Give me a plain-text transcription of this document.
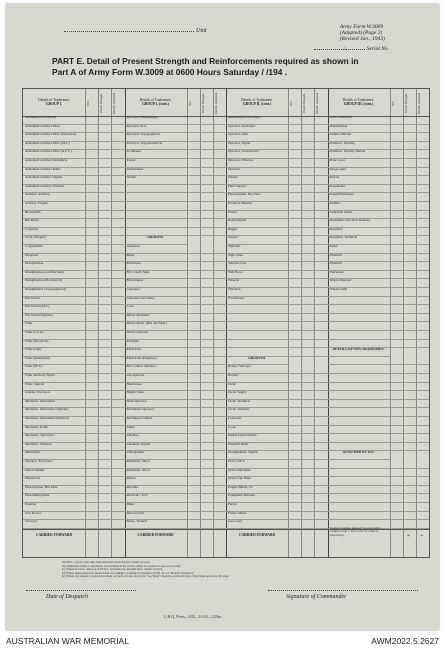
Unit
Army Form W.3009
(Adapted) (Page 2)
(Revised Jan., 1943)
/	Serial No.
PART E. Detail of Present Strength and Reinforcements required as shown in
Part A of Army Form W.3009 at 0600 Hours Saturday / /194 .
Details of Tradesmen.
GROUP I.	W.E.	Posted Strength.	Reinfts. Required.
Ammunition Examiner
Armament Artificer Fitter
Armament Artificer Fitter (Electrical)
Armament Artificer Fitter (M.T.)
Armament Artificer Fitter (A.F.V.)
Armament Artificer Instrument
Armament Artificer Radio
Armament Artificer Signals
Armament Artificer Wireless
Artificer, Artillery
Artificer, Engine
Blacksmith
Bricklayer
Carpenter
Clerk, Hospital
Coppersmith
Dispenser
Draughtsman
Draughtsman (Architectural)
Draughtsman (Mechanical)
Draughtsman (Topographical)
Electrician
Electrician (M.T.)
Electrician (Signals)
Fitter
Fitter (Cycle)
Fitter (Electrical)
Fitter (Gun)
Fitter (Instrument)
Fitter (M.T.)
Fitter, Railway Signal
Fitter, Signals
Grinder, Precision
Mechanic, Instrument
Mechanic, Instrument (Signals)
Mechanic, Instrument (Surgical)
Mechanic, Radio
Mechanic, Typewriter
Mechanic, Wireless
Millwright
Operator, Excavator
Pattern Maker
Pharmacist
Photographer, Hut Plate
Photolithographer
Plumber
Saw Doctor
Surveyor
CARRIED FORWARD
Details of Tradesmen.
GROUP I. (cont.)	W.E.	Posted Strength.	Reinfts. Required.
Surveyor, Engineering
Surveyor, R.A.
Surveyor, Topographical
Surveyor, Trigonometrical
Toolmaker
Turner
Watchmaker
Welder
GROUP II.
Armourer
Baker
Bricklayer
Blr. Cond'r, Med.
Boilermaker
Carpenter
Carpenter and Joiner
Cook
Driver Mechanic
Driver-Mech. (Bus and Med.)
Driver-Operator
Draughts
Electrician
Electrician (Engineer)
Fire Control Operator
Gas Operator
Hairdresser
Height Taker
Hotel Operator
Instrument Operator
Intelligence Duties
Joiner
Lineman
Lineman, Signals
Lithographer
Machinist, Metal
Machinist, Wood
Mason
Moulder
Mechanic, M.T.
Miner
Motorcyclist
Nurse, Trained
CARRIED FORWARD
Details of Tradesmen.
GROUP II. (cont.)	W.E.	Posted Strength.	Reinfts. Required.
Operating Room Assist.
Operator, Keyboard
Operator, Line
Operator, Signal
Operator, Switchboard
Operator, Wireless
Optician
Painter
Paint Sprayer
Photographer, Dry Plate
Producer Number
Printer
Radiographer
Rigger
Sawyer
Signaller
Sign-writer
Telecine Line
Well Borer
Wheeler
Wireman
Woodturner
GROUP III.
Battery Surveyor
Butcher
Clerk
Clerk, Supply
Clerk, Technical
Clerk, Trimmer
Concreter
Cook
Dental Clerk Orderly
Dispatch Rider
Draughtsman, Signals
Driver, M.T.
Driver Mechanic
Driver Tpt. Plant
Engine Hands, I.C.
Equipment Repairer
Farrier
Fitters' Mates
Gas Layer
CARRIED FORWARD
Details of Tradesmen.
GROUP III. (cont.)	W.E.	Posted Strength.	Reinfts. Required.
G.P.O. Assistant
Hammerman
Leather Stitcher
Orderlies, Nursing
Orderlies, Nursing Mental
Plate Layer
Range-taker
Riveter
Ropemaker
Rough Bricklayer
Saddler
Sanitation Assist.
Shoemaker and Shoe Repairer
Storeman
Storeman, Technical
Tailor
Tinsmith
Tinsmith
Vulcaniser
Wagon Repairer
Wheelwright
DETAILS OF NON-TRADESMEN.
ATTACHED BY W.E.
Totals of columns marked * to agree with columns 4 and 7, Part 1 and 10 of Part A respectively.	* *
NOTES.—(a) If room other than printed is involved give details on back.
(b) Additional trades or specialists not included in list will be added as required to spaces provided.
(c) Where A.T.S.A. and/or A.A.M.W.S. personnel are detailed show details on back.
(d) Where replacement not desired state accordingly on return by insertion of N.R. in col. "Reinfts. Required."
(e) Where any request or notation is made on back of form, the words "See Back" should be written in one of the blank spaces on this page.
Date of Despatch	Signature of Commander
L.H.Q. Press—635—10/43—120m.
AUSTRALIAN WAR MEMORIAL	AWM2022.5.2627
